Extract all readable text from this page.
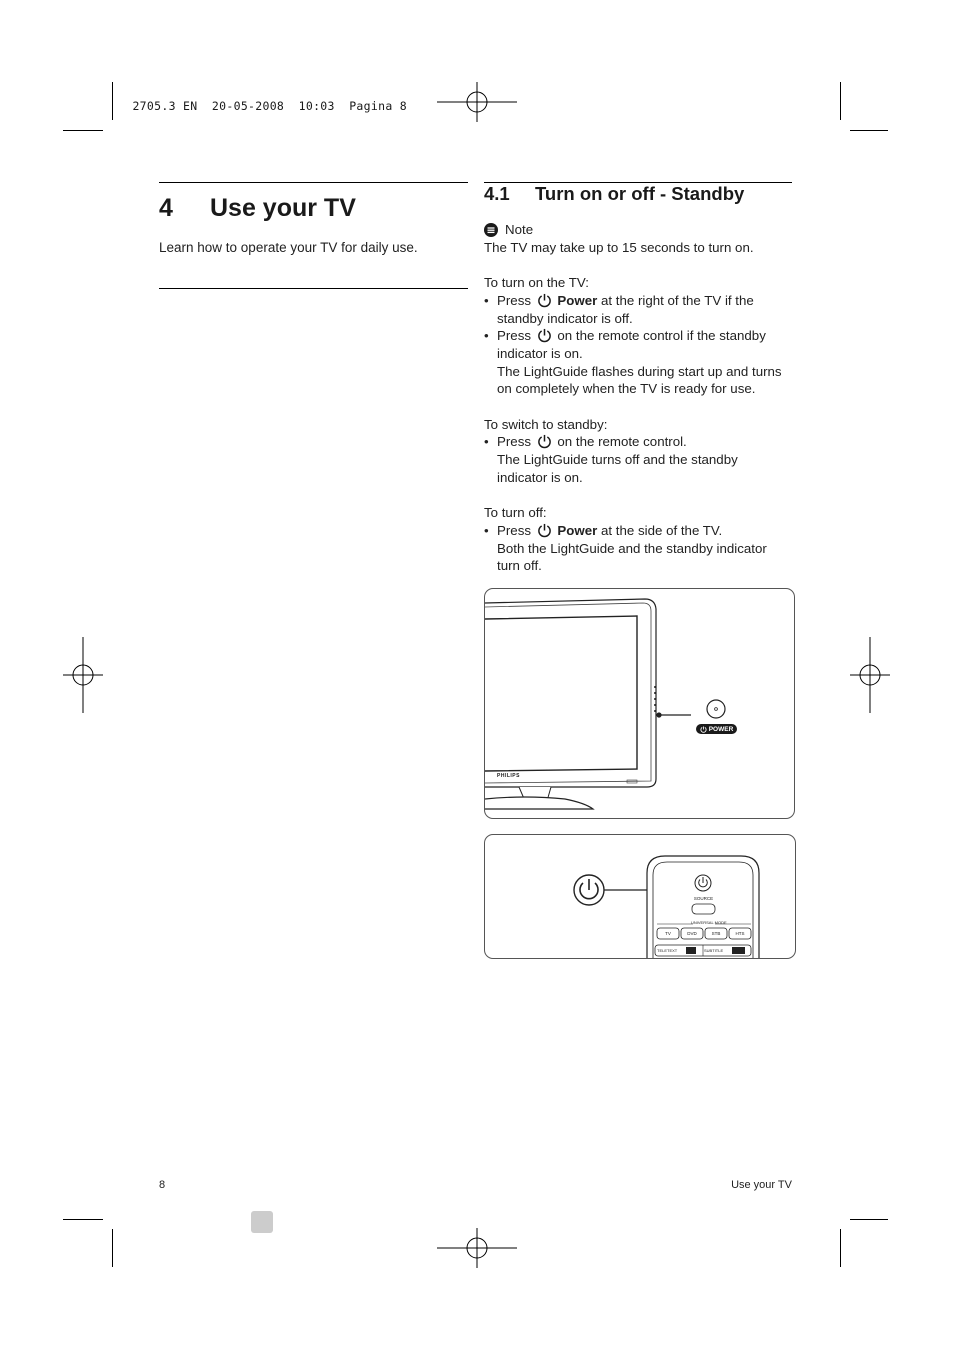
2705.3 EN 20-05-2008 10:03 Pagina 8

4 Use your TV
Learn how to operate your TV for daily use.
4.1 Turn on or off - Standby

Note

The TV may take up to 15 seconds to turn on.

To turn on the TV:

• Press Power at the right of the TV if the

standby indicator is off.

• Press on the remote control if the standby

indicator is on.

The LightGuide flashes during start up and turns

on completely when the TV is ready for use.

To switch to standby:

• Press on the remote control.

The LightGuide turns off and the standby

indicator is on.

To turn off:

• Press Power at the side of the TV.

Both the LightGuide and the standby indicator

turn off.

PHILIPS
POWER
SOURCE
UNIVERSAL MODE
TV	DVD	STB	HTS
TELETEXT	SUBTITLE
8	Use your TV
